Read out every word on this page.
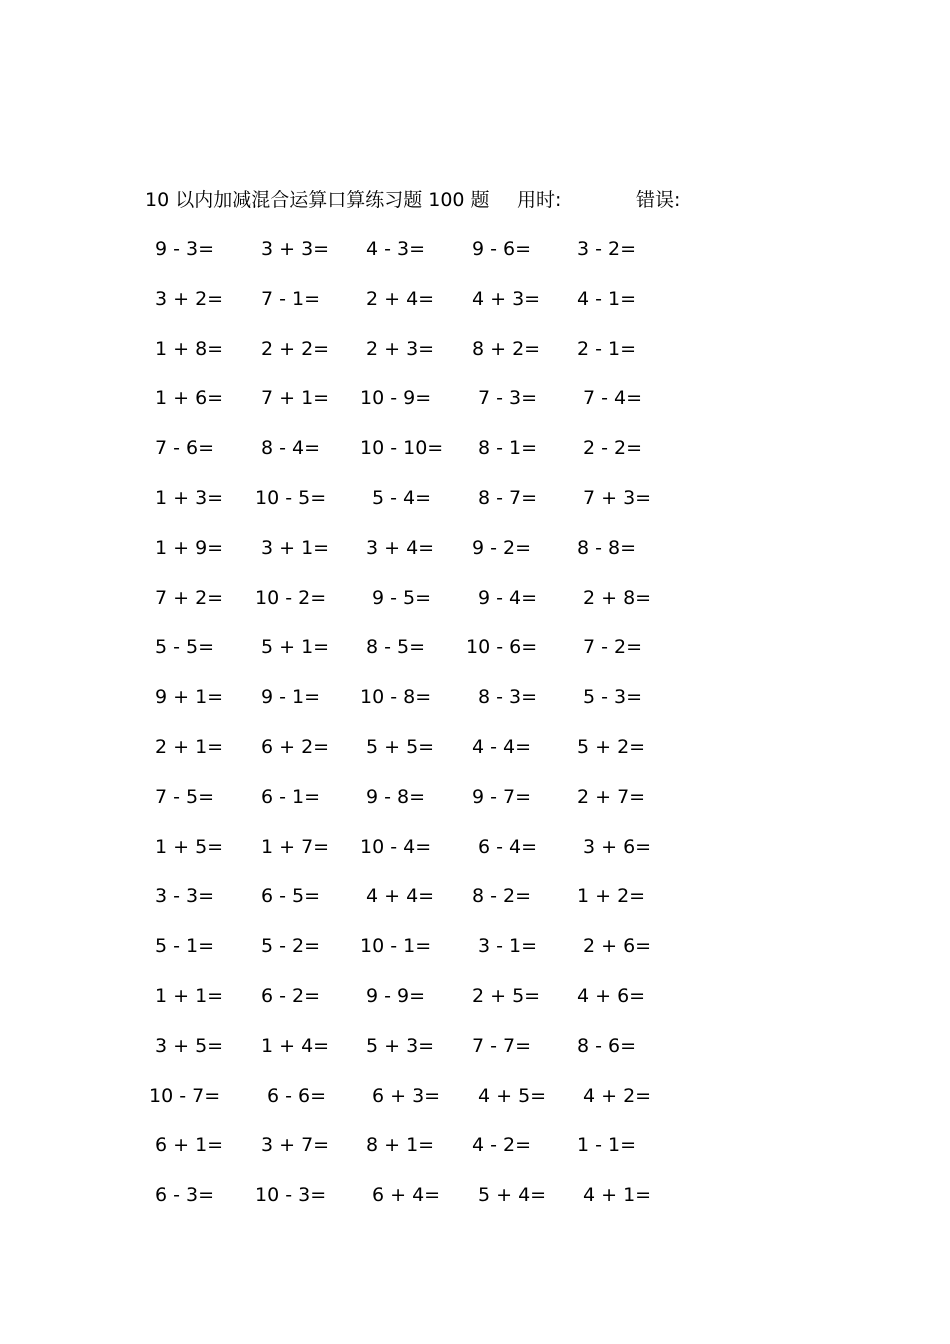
10 以内加减混合运算口算练习题 100 题 用时:	错误:
9 - 3=	3 + 3=	4 - 3=	9 - 6=	3 - 2=
3 + 2=	7 - 1=	2 + 4=	4 + 3=	4 - 1=
1 + 8=	2 + 2=	2 + 3=	8 + 2=	2 - 1=
1 + 6=	7 + 1=	10 - 9=	7 - 3=	7 - 4=
7 - 6=	8 - 4=	10 - 10=	8 - 1=	2 - 2=
1 + 3=	10 - 5=	5 - 4=	8 - 7=	7 + 3=
1 + 9=	3 + 1=	3 + 4=	9 - 2=	8 - 8=
7 + 2=	10 - 2=	9 - 5=	9 - 4=	2 + 8=
5 - 5=	5 + 1=	8 - 5=	10 - 6=	7 - 2=
9 + 1=	9 - 1=	10 - 8=	8 - 3=	5 - 3=
2 + 1=	6 + 2=	5 + 5=	4 - 4=	5 + 2=
7 - 5=	6 - 1=	9 - 8=	9 - 7=	2 + 7=
1 + 5=	1 + 7=	10 - 4=	6 - 4=	3 + 6=
3 - 3=	6 - 5=	4 + 4=	8 - 2=	1 + 2=
5 - 1=	5 - 2=	10 - 1=	3 - 1=	2 + 6=
1 + 1=	6 - 2=	9 - 9=	2 + 5=	4 + 6=
3 + 5=	1 + 4=	5 + 3=	7 - 7=	8 - 6=
10 - 7=	6 - 6=	6 + 3=	4 + 5=	4 + 2=
6 + 1=	3 + 7=	8 + 1=	4 - 2=	1 - 1=
6 - 3=	10 - 3=	6 + 4=	5 + 4=	4 + 1=
